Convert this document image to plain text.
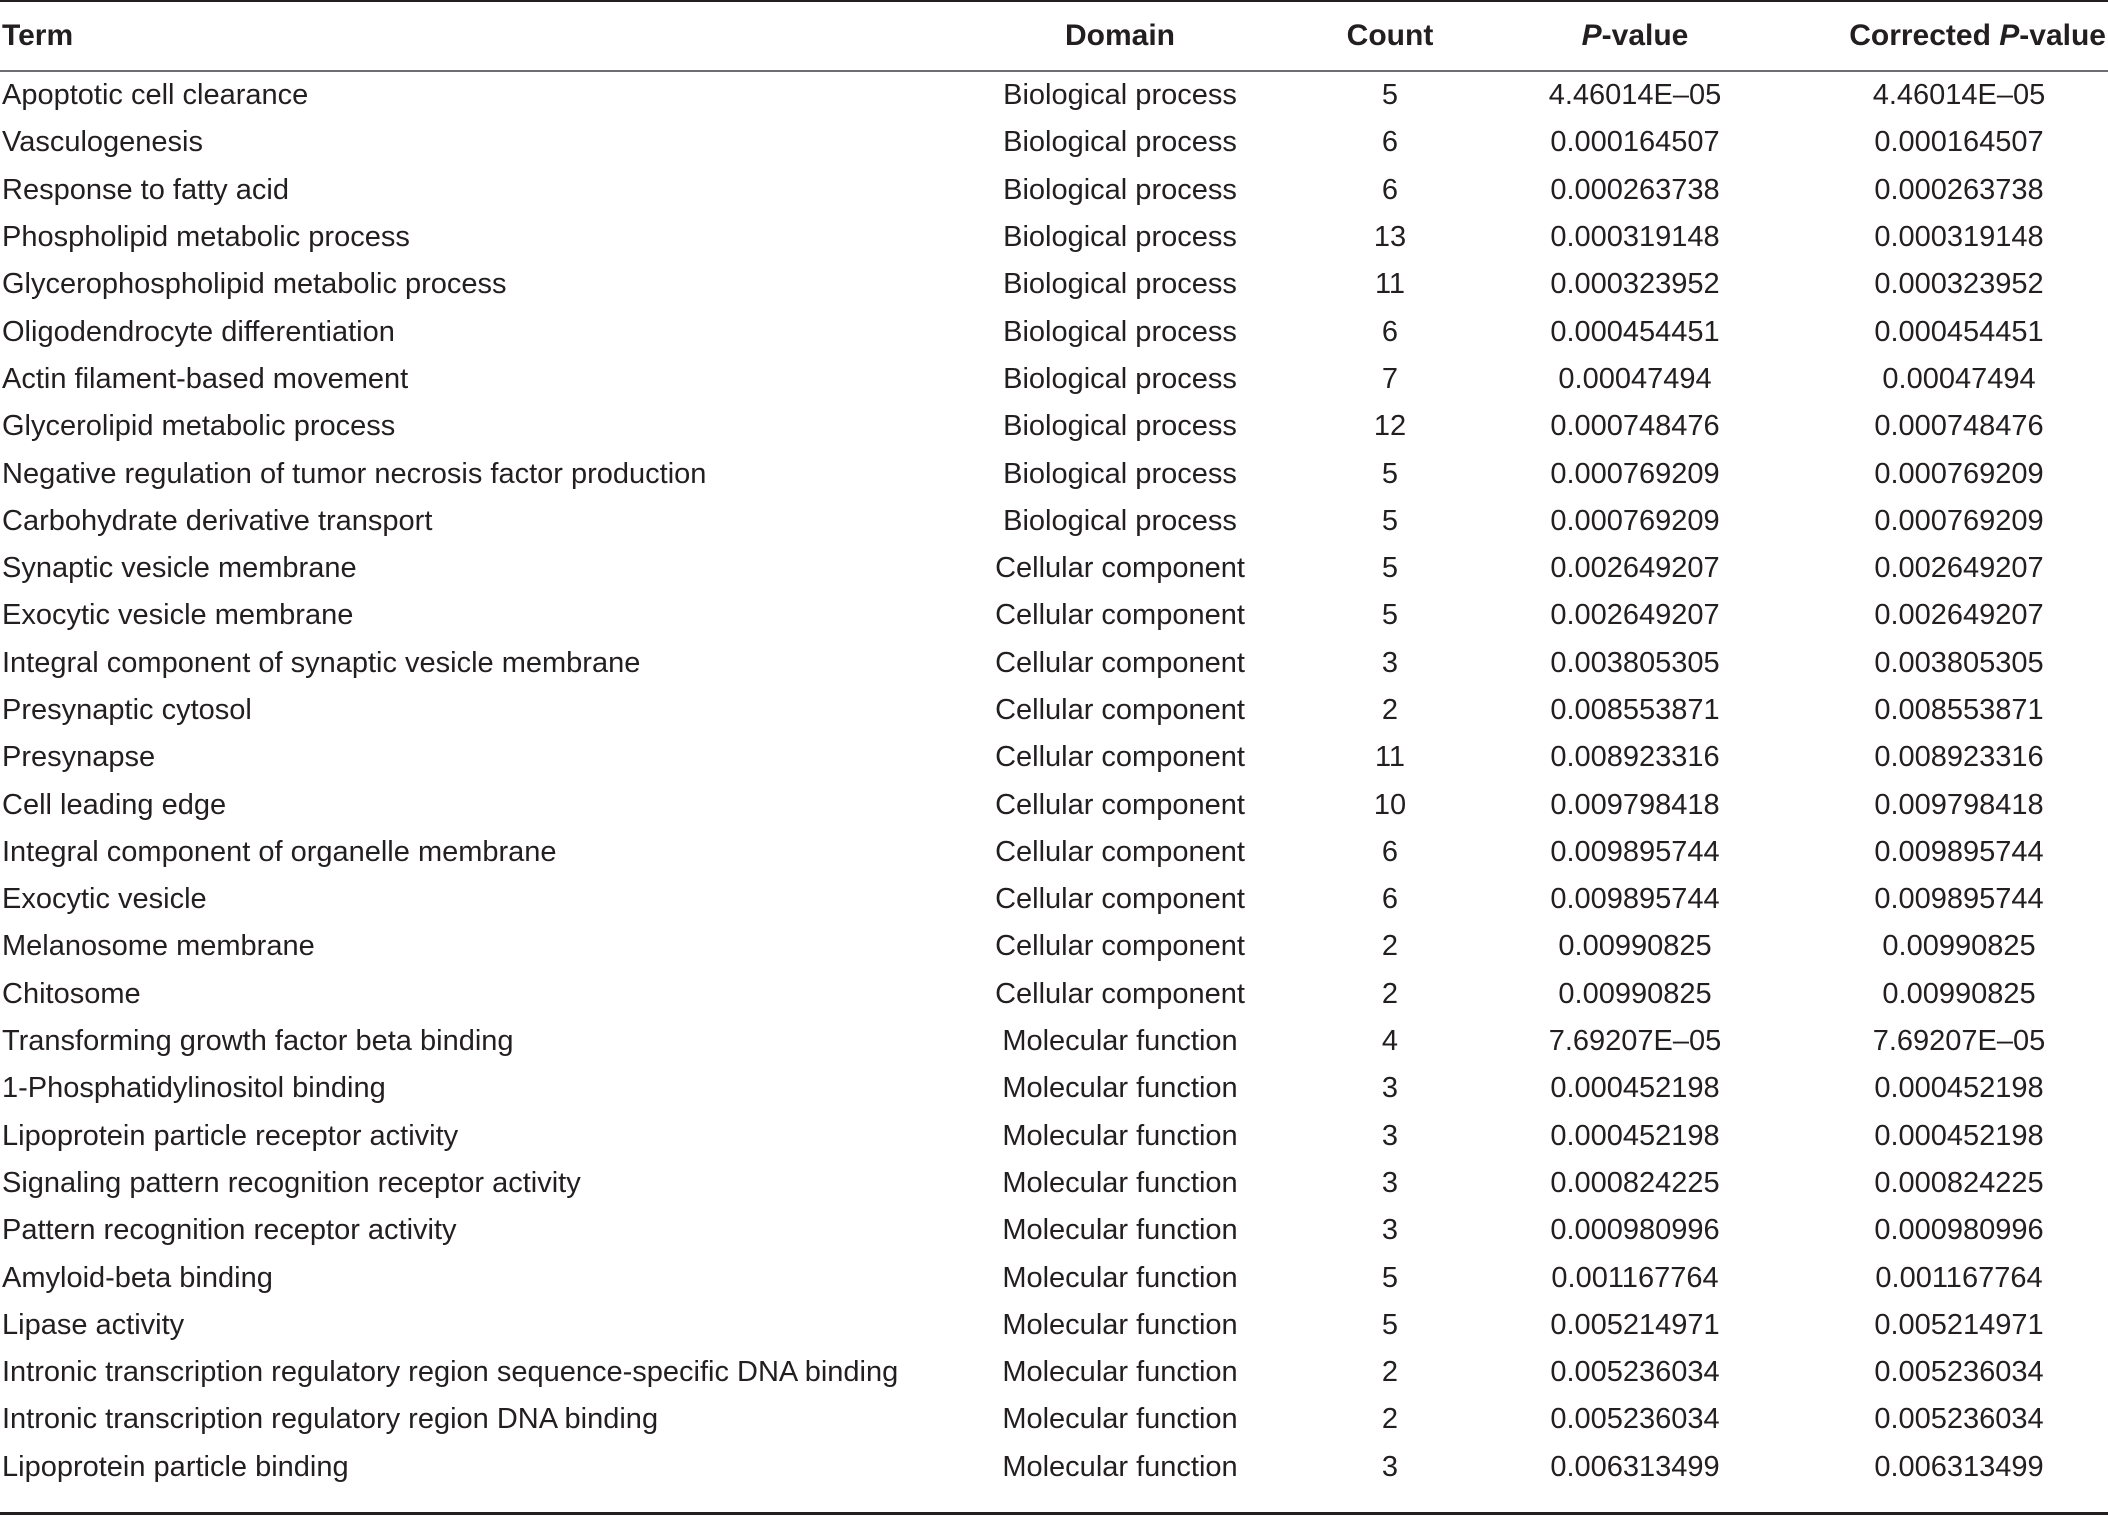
Term	Domain	Count	P-value	Corrected P-value
Apoptotic cell clearance	Biological process	5	4.46014E–05	4.46014E–05
Vasculogenesis	Biological process	6	0.000164507	0.000164507
Response to fatty acid	Biological process	6	0.000263738	0.000263738
Phospholipid metabolic process	Biological process	13	0.000319148	0.000319148
Glycerophospholipid metabolic process	Biological process	11	0.000323952	0.000323952
Oligodendrocyte differentiation	Biological process	6	0.000454451	0.000454451
Actin filament-based movement	Biological process	7	0.00047494	0.00047494
Glycerolipid metabolic process	Biological process	12	0.000748476	0.000748476
Negative regulation of tumor necrosis factor production	Biological process	5	0.000769209	0.000769209
Carbohydrate derivative transport	Biological process	5	0.000769209	0.000769209
Synaptic vesicle membrane	Cellular component	5	0.002649207	0.002649207
Exocytic vesicle membrane	Cellular component	5	0.002649207	0.002649207
Integral component of synaptic vesicle membrane	Cellular component	3	0.003805305	0.003805305
Presynaptic cytosol	Cellular component	2	0.008553871	0.008553871
Presynapse	Cellular component	11	0.008923316	0.008923316
Cell leading edge	Cellular component	10	0.009798418	0.009798418
Integral component of organelle membrane	Cellular component	6	0.009895744	0.009895744
Exocytic vesicle	Cellular component	6	0.009895744	0.009895744
Melanosome membrane	Cellular component	2	0.00990825	0.00990825
Chitosome	Cellular component	2	0.00990825	0.00990825
Transforming growth factor beta binding	Molecular function	4	7.69207E–05	7.69207E–05
1-Phosphatidylinositol binding	Molecular function	3	0.000452198	0.000452198
Lipoprotein particle receptor activity	Molecular function	3	0.000452198	0.000452198
Signaling pattern recognition receptor activity	Molecular function	3	0.000824225	0.000824225
Pattern recognition receptor activity	Molecular function	3	0.000980996	0.000980996
Amyloid-beta binding	Molecular function	5	0.001167764	0.001167764
Lipase activity	Molecular function	5	0.005214971	0.005214971
Intronic transcription regulatory region sequence-specific DNA binding	Molecular function	2	0.005236034	0.005236034
Intronic transcription regulatory region DNA binding	Molecular function	2	0.005236034	0.005236034
Lipoprotein particle binding	Molecular function	3	0.006313499	0.006313499
